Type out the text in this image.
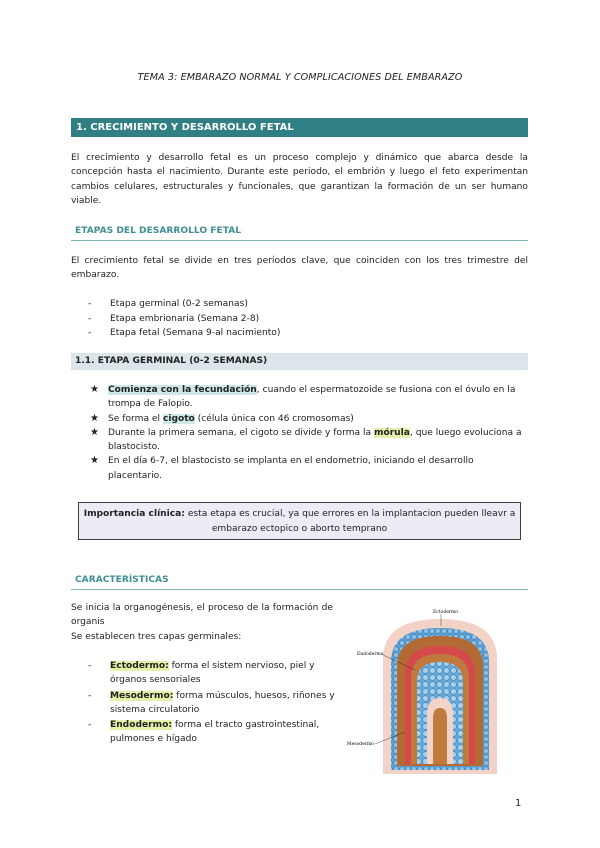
TEMA 3: EMBARAZO NORMAL Y COMPLICACIONES DEL EMBARAZO
1. CRECIMIENTO Y DESARROLLO FETAL
El crecimiento y desarrollo fetal es un proceso complejo y dinámico que abarca desde la concepción hasta el nacimiento. Durante este periodo, el embrión y luego el feto experimentan cambios celulares, estructurales y funcionales, que garantizan la formación de un ser humano viable.
ETAPAS DEL DESARROLLO FETAL
El crecimiento fetal se divide en tres períodos clave, que coinciden con los tres trimestre del embarazo.
- Etapa germinal (0-2 semanas)
- Etapa embrionaria (Semana 2-8)
- Etapa fetal (Semana 9-al nacimiento)
1.1. ETAPA GERMINAL (0-2 SEMANAS)
★ Comienza con la fecundación, cuando el espermatozoide se fusiona con el óvulo en la trompa de Falopio.
★ Se forma el cigoto (célula única con 46 cromosomas)
★ Durante la primera semana, el cigoto se divide y forma la mórula, que luego evoluciona a blastocisto.
★ En el día 6-7, el blastocisto se implanta en el endometrio, iniciando el desarrollo placentario.
Importancia clínica: esta etapa es crucial, ya que errores en la implantacion pueden lleavr a embarazo ectopico o aborto temprano
CARACTERÍSTICAS
Se inicia la organogénesis, el proceso de la formación de organis
Se establecen tres capas germinales:
- Ectodermo: forma el sistem nervioso, piel y órganos sensoriales
- Mesodermo: forma músculos, huesos, riñones y sistema circulatorio
- Endodermo: forma el tracto gastrointestinal, pulmones e hígado
Ectodermo
Endodermo
Mesodermo
1
